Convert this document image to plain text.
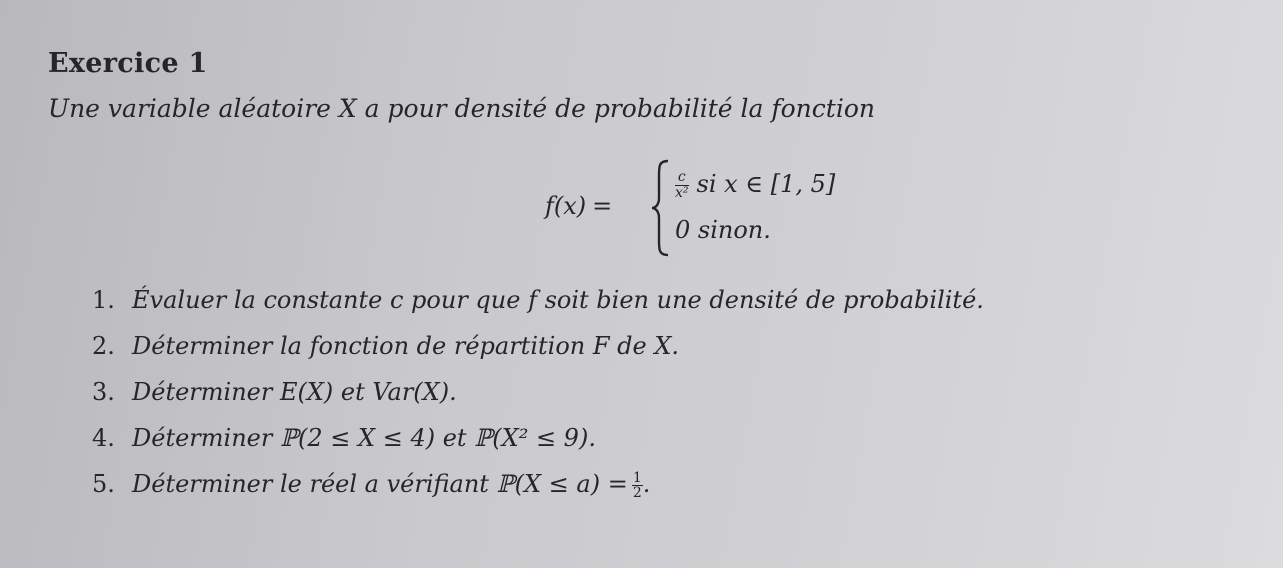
Exercice 1
Une variable aléatoire X a pour densité de probabilité la fonction
f(x) =
$\frac{c}{\text{x²}}$ si x ∈ [1, 5]
0 sinon.
1. Évaluer la constante c pour que f soit bien une densité de probabilité.
2. Déterminer la fonction de répartition F de X.
3. Déterminer E(X) et Var(X).
4. Déterminer ℙ(2 ≤ X ≤ 4) et ℙ(X² ≤ 9).
5. Déterminer le réel a vérifiant ℙ(X ≤ $a) = \frac{1}{2}$ .
